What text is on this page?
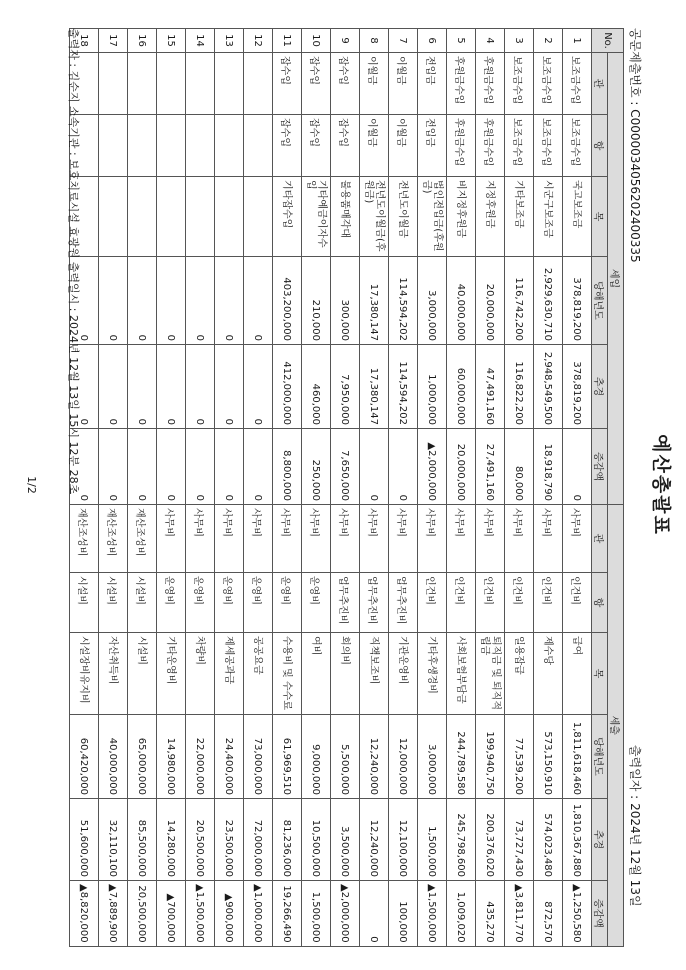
예산총괄표
공문제출번호 : C0000034056202400335
출력일자 : 2024년 12월 13일
No.	세입						세출					
	관	항	목	당해년도	추경	증감액	관	항	목	당해년도	추경	증감액
1	보조금수입	보조금수입	국고보조금	378,819,200	378,819,200	0	사무비	인건비	급여	1,811,618,460	1,810,367,880	▲1,250,580
2	보조금수입	보조금수입	시군구보조금	2,929,630,710	2,948,549,500	18,918,790	사무비	인건비	제수당	573,150,910	574,023,480	872,570
3	보조금수입	보조금수입	기타보조금	116,742,200	116,822,200	80,000	사무비	인건비	일용잡급	77,539,200	73,727,430	▲3,811,770
4	후원금수입	후원금수입	지정후원금	20,000,000	47,491,160	27,491,160	사무비	인건비	퇴직금 및 퇴직적립금	199,940,750	200,376,020	435,270
5	후원금수입	후원금수입	비지정후원금	40,000,000	60,000,000	20,000,000	사무비	인건비	사회보험부담금	244,789,580	245,798,600	1,009,020
6	전입금	전입금	법인전입금(후원금)	3,000,000	1,000,000	▲2,000,000	사무비	인건비	기타후생경비	3,000,000	1,500,000	▲1,500,000
7	이월금	이월금	전년도이월금	114,594,202	114,594,202	0	사무비	업무추진비	기관운영비	12,000,000	12,100,000	100,000
8	이월금	이월금	전년도이월금(후원금)	17,380,147	17,380,147	0	사무비	업무추진비	직책보조비	12,240,000	12,240,000	0
9	잡수입	잡수입	불용품매각대	300,000	7,950,000	7,650,000	사무비	업무추진비	회의비	5,500,000	3,500,000	▲2,000,000
10	잡수입	잡수입	기타예금이자수입	210,000	460,000	250,000	사무비	운영비	여비	9,000,000	10,500,000	1,500,000
11	잡수입	잡수입	기타잡수입	403,200,000	412,000,000	8,800,000	사무비	운영비	수용비 및 수수료	61,969,510	81,236,000	19,266,490
12				0	0	0	사무비	운영비	공공요금	73,000,000	72,000,000	▲1,000,000
13				0	0	0	사무비	운영비	제세공과금	24,400,000	23,500,000	▲900,000
14				0	0	0	사무비	운영비	차량비	22,000,000	20,500,000	▲1,500,000
15				0	0	0	사무비	운영비	기타운영비	14,980,000	14,280,000	▲700,000
16				0	0	0	재산조성비	시설비	시설비	65,000,000	85,500,000	20,500,000
17				0	0	0	재산조성비	시설비	자산취득비	40,000,000	32,110,100	▲7,889,900
18				0	0	0	재산조성비	시설비	시설장비유지비	60,420,000	51,600,000	▲8,820,000
출력자 : 김순지 소속기관 : 보호치료시설 효광원 출력일시 : 2024년 12월 13일 15시 12분 28초
1/2
